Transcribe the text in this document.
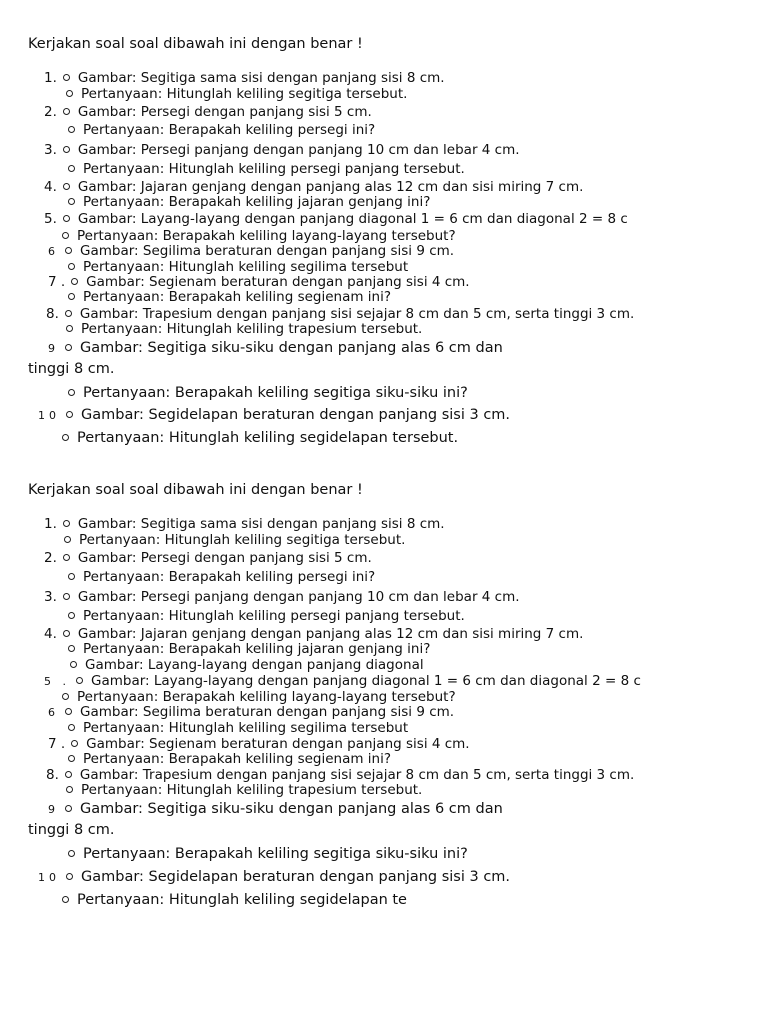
Kerjakan soal soal dibawah ini dengan benar !
1. Gambar: Segitiga sama sisi dengan panjang sisi 8 cm.
Pertanyaan: Hitunglah keliling segitiga tersebut.
2. Gambar: Persegi dengan panjang sisi 5 cm.
Pertanyaan: Berapakah keliling persegi ini?
3. Gambar: Persegi panjang dengan panjang 10 cm dan lebar 4 cm.
Pertanyaan: Hitunglah keliling persegi panjang tersebut.
4. Gambar: Jajaran genjang dengan panjang alas 12 cm dan sisi miring 7 cm.
Pertanyaan: Berapakah keliling jajaran genjang ini?
5. Gambar: Layang-layang dengan panjang diagonal 1 = 6 cm dan diagonal 2 = 8 c
Pertanyaan: Berapakah keliling layang-layang tersebut?
6 Gambar: Segilima beraturan dengan panjang sisi 9 cm.
Pertanyaan: Hitunglah keliling segilima tersebut
7 . Gambar: Segienam beraturan dengan panjang sisi 4 cm.
Pertanyaan: Berapakah keliling segienam ini?
8. Gambar: Trapesium dengan panjang sisi sejajar 8 cm dan 5 cm, serta tinggi 3 cm.
Pertanyaan: Hitunglah keliling trapesium tersebut.
9 Gambar: Segitiga siku-siku dengan panjang alas 6 cm dan
tinggi 8 cm.
Pertanyaan: Berapakah keliling segitiga siku-siku ini?
10 Gambar: Segidelapan beraturan dengan panjang sisi 3 cm.
Pertanyaan: Hitunglah keliling segidelapan tersebut.
Kerjakan soal soal dibawah ini dengan benar !
1. Gambar: Segitiga sama sisi dengan panjang sisi 8 cm.
Pertanyaan: Hitunglah keliling segitiga tersebut.
2. Gambar: Persegi dengan panjang sisi 5 cm.
Pertanyaan: Berapakah keliling persegi ini?
3. Gambar: Persegi panjang dengan panjang 10 cm dan lebar 4 cm.
Pertanyaan: Hitunglah keliling persegi panjang tersebut.
4. Gambar: Jajaran genjang dengan panjang alas 12 cm dan sisi miring 7 cm.
Pertanyaan: Berapakah keliling jajaran genjang ini?
Gambar: Layang-layang dengan panjang diagonal
5 . Gambar: Layang-layang dengan panjang diagonal 1 = 6 cm dan diagonal 2 = 8 c
Pertanyaan: Berapakah keliling layang-layang tersebut?
6 Gambar: Segilima beraturan dengan panjang sisi 9 cm.
Pertanyaan: Hitunglah keliling segilima tersebut
7 . Gambar: Segienam beraturan dengan panjang sisi 4 cm.
Pertanyaan: Berapakah keliling segienam ini?
8. Gambar: Trapesium dengan panjang sisi sejajar 8 cm dan 5 cm, serta tinggi 3 cm.
Pertanyaan: Hitunglah keliling trapesium tersebut.
9 Gambar: Segitiga siku-siku dengan panjang alas 6 cm dan
tinggi 8 cm.
Pertanyaan: Berapakah keliling segitiga siku-siku ini?
10 Gambar: Segidelapan beraturan dengan panjang sisi 3 cm.
Pertanyaan: Hitunglah keliling segidelapan te
